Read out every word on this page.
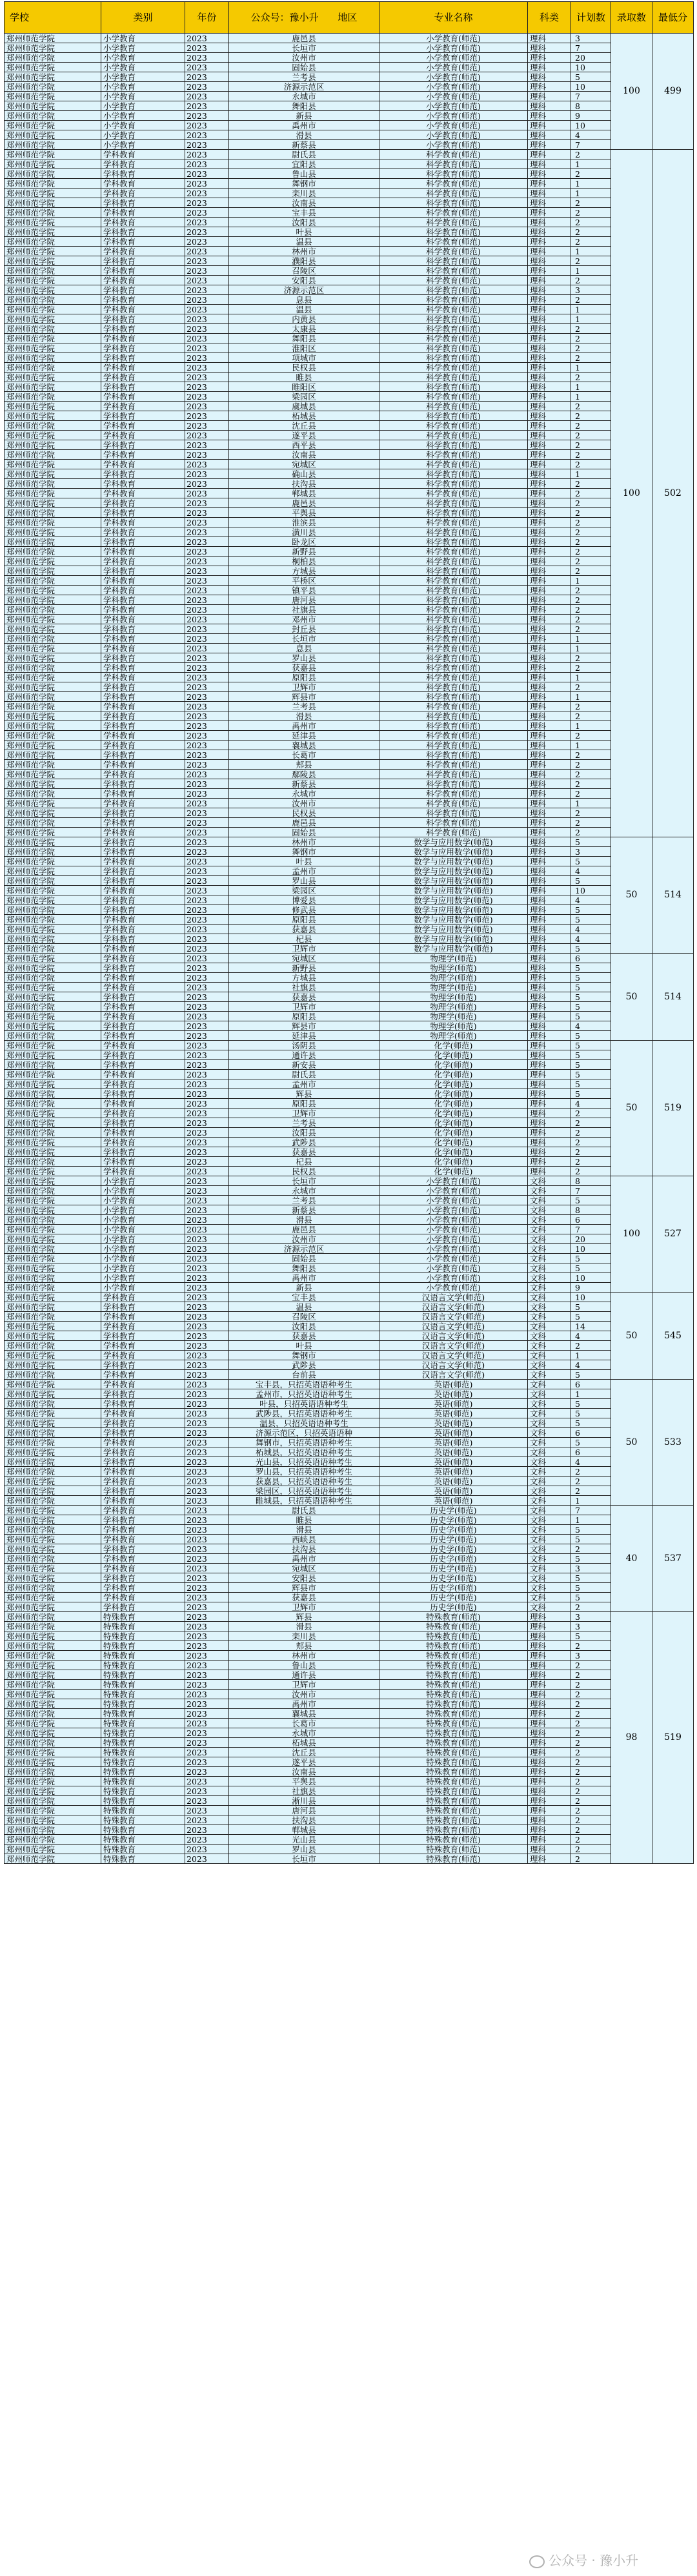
学校	类别	年份	公众号：豫小升　　地区	专业名称	科类	计划数	录取数	最低分
郑州师范学院	小学教育	2023	鹿邑县	小学教育(师范)	理科	3	100	499
郑州师范学院	小学教育	2023	长垣市	小学教育(师范)	理科	7		
郑州师范学院	小学教育	2023	汝州市	小学教育(师范)	理科	20		
郑州师范学院	小学教育	2023	固始县	小学教育(师范)	理科	10		
郑州师范学院	小学教育	2023	兰考县	小学教育(师范)	理科	5		
郑州师范学院	小学教育	2023	济源示范区	小学教育(师范)	理科	10		
郑州师范学院	小学教育	2023	永城市	小学教育(师范)	理科	7		
郑州师范学院	小学教育	2023	舞阳县	小学教育(师范)	理科	8		
郑州师范学院	小学教育	2023	新县	小学教育(师范)	理科	9		
郑州师范学院	小学教育	2023	禹州市	小学教育(师范)	理科	10		
郑州师范学院	小学教育	2023	滑县	小学教育(师范)	理科	4		
郑州师范学院	小学教育	2023	新蔡县	小学教育(师范)	理科	7		
郑州师范学院	学科教育	2023	尉氏县	科学教育(师范)	理科	2	100	502
郑州师范学院	学科教育	2023	宜阳县	科学教育(师范)	理科	1		
郑州师范学院	学科教育	2023	鲁山县	科学教育(师范)	理科	2		
郑州师范学院	学科教育	2023	舞钢市	科学教育(师范)	理科	1		
郑州师范学院	学科教育	2023	栾川县	科学教育(师范)	理科	1		
郑州师范学院	学科教育	2023	汝南县	科学教育(师范)	理科	2		
郑州师范学院	学科教育	2023	宝丰县	科学教育(师范)	理科	2		
郑州师范学院	学科教育	2023	汝阳县	科学教育(师范)	理科	2		
郑州师范学院	学科教育	2023	叶县	科学教育(师范)	理科	2		
郑州师范学院	学科教育	2023	温县	科学教育(师范)	理科	2		
郑州师范学院	学科教育	2023	林州市	科学教育(师范)	理科	1		
郑州师范学院	学科教育	2023	濮阳县	科学教育(师范)	理科	2		
郑州师范学院	学科教育	2023	召陵区	科学教育(师范)	理科	1		
郑州师范学院	学科教育	2023	安阳县	科学教育(师范)	理科	2		
郑州师范学院	学科教育	2023	济源示范区	科学教育(师范)	理科	3		
郑州师范学院	学科教育	2023	息县	科学教育(师范)	理科	2		
郑州师范学院	学科教育	2023	温县	科学教育(师范)	理科	1		
郑州师范学院	学科教育	2023	内黄县	科学教育(师范)	理科	1		
郑州师范学院	学科教育	2023	太康县	科学教育(师范)	理科	2		
郑州师范学院	学科教育	2023	舞阳县	科学教育(师范)	理科	2		
郑州师范学院	学科教育	2023	淮阳区	科学教育(师范)	理科	2		
郑州师范学院	学科教育	2023	项城市	科学教育(师范)	理科	2		
郑州师范学院	学科教育	2023	民权县	科学教育(师范)	理科	1		
郑州师范学院	学科教育	2023	睢县	科学教育(师范)	理科	2		
郑州师范学院	学科教育	2023	睢阳区	科学教育(师范)	理科	1		
郑州师范学院	学科教育	2023	梁园区	科学教育(师范)	理科	1		
郑州师范学院	学科教育	2023	虞城县	科学教育(师范)	理科	2		
郑州师范学院	学科教育	2023	柘城县	科学教育(师范)	理科	2		
郑州师范学院	学科教育	2023	沈丘县	科学教育(师范)	理科	2		
郑州师范学院	学科教育	2023	遂平县	科学教育(师范)	理科	2		
郑州师范学院	学科教育	2023	西平县	科学教育(师范)	理科	2		
郑州师范学院	学科教育	2023	汝南县	科学教育(师范)	理科	2		
郑州师范学院	学科教育	2023	宛城区	科学教育(师范)	理科	2		
郑州师范学院	学科教育	2023	确山县	科学教育(师范)	理科	1		
郑州师范学院	学科教育	2023	扶沟县	科学教育(师范)	理科	2		
郑州师范学院	学科教育	2023	郸城县	科学教育(师范)	理科	2		
郑州师范学院	学科教育	2023	鹿邑县	科学教育(师范)	理科	2		
郑州师范学院	学科教育	2023	平舆县	科学教育(师范)	理科	2		
郑州师范学院	学科教育	2023	淮滨县	科学教育(师范)	理科	2		
郑州师范学院	学科教育	2023	潢川县	科学教育(师范)	理科	2		
郑州师范学院	学科教育	2023	卧龙区	科学教育(师范)	理科	2		
郑州师范学院	学科教育	2023	新野县	科学教育(师范)	理科	2		
郑州师范学院	学科教育	2023	桐柏县	科学教育(师范)	理科	2		
郑州师范学院	学科教育	2023	方城县	科学教育(师范)	理科	2		
郑州师范学院	学科教育	2023	平桥区	科学教育(师范)	理科	1		
郑州师范学院	学科教育	2023	镇平县	科学教育(师范)	理科	2		
郑州师范学院	学科教育	2023	唐河县	科学教育(师范)	理科	2		
郑州师范学院	学科教育	2023	社旗县	科学教育(师范)	理科	2		
郑州师范学院	学科教育	2023	邓州市	科学教育(师范)	理科	2		
郑州师范学院	学科教育	2023	封丘县	科学教育(师范)	理科	2		
郑州师范学院	学科教育	2023	长垣市	科学教育(师范)	理科	1		
郑州师范学院	学科教育	2023	息县	科学教育(师范)	理科	1		
郑州师范学院	学科教育	2023	罗山县	科学教育(师范)	理科	2		
郑州师范学院	学科教育	2023	获嘉县	科学教育(师范)	理科	2		
郑州师范学院	学科教育	2023	原阳县	科学教育(师范)	理科	1		
郑州师范学院	学科教育	2023	卫辉市	科学教育(师范)	理科	2		
郑州师范学院	学科教育	2023	辉县市	科学教育(师范)	理科	1		
郑州师范学院	学科教育	2023	兰考县	科学教育(师范)	理科	2		
郑州师范学院	学科教育	2023	滑县	科学教育(师范)	理科	2		
郑州师范学院	学科教育	2023	禹州市	科学教育(师范)	理科	1		
郑州师范学院	学科教育	2023	延津县	科学教育(师范)	理科	2		
郑州师范学院	学科教育	2023	襄城县	科学教育(师范)	理科	1		
郑州师范学院	学科教育	2023	长葛市	科学教育(师范)	理科	2		
郑州师范学院	学科教育	2023	郏县	科学教育(师范)	理科	2		
郑州师范学院	学科教育	2023	鄢陵县	科学教育(师范)	理科	2		
郑州师范学院	学科教育	2023	新蔡县	科学教育(师范)	理科	2		
郑州师范学院	学科教育	2023	永城市	科学教育(师范)	理科	2		
郑州师范学院	学科教育	2023	汝州市	科学教育(师范)	理科	1		
郑州师范学院	学科教育	2023	民权县	科学教育(师范)	理科	2		
郑州师范学院	学科教育	2023	鹿邑县	科学教育(师范)	理科	2		
郑州师范学院	学科教育	2023	固始县	科学教育(师范)	理科	2		
郑州师范学院	学科教育	2023	林州市	数学与应用数学(师范)	理科	5	50	514
郑州师范学院	学科教育	2023	舞钢市	数学与应用数学(师范)	理科	3		
郑州师范学院	学科教育	2023	叶县	数学与应用数学(师范)	理科	5		
郑州师范学院	学科教育	2023	孟州市	数学与应用数学(师范)	理科	4		
郑州师范学院	学科教育	2023	罗山县	数学与应用数学(师范)	理科	5		
郑州师范学院	学科教育	2023	梁园区	数学与应用数学(师范)	理科	10		
郑州师范学院	学科教育	2023	博爱县	数学与应用数学(师范)	理科	4		
郑州师范学院	学科教育	2023	修武县	数学与应用数学(师范)	理科	5		
郑州师范学院	学科教育	2023	原阳县	数学与应用数学(师范)	理科	5		
郑州师范学院	学科教育	2023	获嘉县	数学与应用数学(师范)	理科	4		
郑州师范学院	学科教育	2023	杞县	数学与应用数学(师范)	理科	4		
郑州师范学院	学科教育	2023	卫辉市	数学与应用数学(师范)	理科	5		
郑州师范学院	学科教育	2023	宛城区	物理学(师范)	理科	6	50	514
郑州师范学院	学科教育	2023	新野县	物理学(师范)	理科	5		
郑州师范学院	学科教育	2023	方城县	物理学(师范)	理科	5		
郑州师范学院	学科教育	2023	社旗县	物理学(师范)	理科	5		
郑州师范学院	学科教育	2023	获嘉县	物理学(师范)	理科	5		
郑州师范学院	学科教育	2023	卫辉市	物理学(师范)	理科	5		
郑州师范学院	学科教育	2023	原阳县	物理学(师范)	理科	5		
郑州师范学院	学科教育	2023	辉县市	物理学(师范)	理科	4		
郑州师范学院	学科教育	2023	延津县	物理学(师范)	理科	5		
郑州师范学院	学科教育	2023	汤阴县	化学(师范)	理科	5	50	519
郑州师范学院	学科教育	2023	通许县	化学(师范)	理科	5		
郑州师范学院	学科教育	2023	新安县	化学(师范)	理科	5		
郑州师范学院	学科教育	2023	尉氏县	化学(师范)	理科	5		
郑州师范学院	学科教育	2023	孟州市	化学(师范)	理科	5		
郑州师范学院	学科教育	2023	辉县	化学(师范)	理科	5		
郑州师范学院	学科教育	2023	原阳县	化学(师范)	理科	4		
郑州师范学院	学科教育	2023	卫辉市	化学(师范)	理科	2		
郑州师范学院	学科教育	2023	兰考县	化学(师范)	理科	2		
郑州师范学院	学科教育	2023	汝阳县	化学(师范)	理科	2		
郑州师范学院	学科教育	2023	武陟县	化学(师范)	理科	2		
郑州师范学院	学科教育	2023	获嘉县	化学(师范)	理科	2		
郑州师范学院	学科教育	2023	杞县	化学(师范)	理科	2		
郑州师范学院	学科教育	2023	民权县	化学(师范)	理科	2		
郑州师范学院	小学教育	2023	长垣市	小学教育(师范)	文科	8	100	527
郑州师范学院	小学教育	2023	永城市	小学教育(师范)	文科	7		
郑州师范学院	小学教育	2023	兰考县	小学教育(师范)	文科	5		
郑州师范学院	小学教育	2023	新蔡县	小学教育(师范)	文科	8		
郑州师范学院	小学教育	2023	滑县	小学教育(师范)	文科	6		
郑州师范学院	小学教育	2023	鹿邑县	小学教育(师范)	文科	7		
郑州师范学院	小学教育	2023	汝州市	小学教育(师范)	文科	20		
郑州师范学院	小学教育	2023	济源示范区	小学教育(师范)	文科	10		
郑州师范学院	小学教育	2023	固始县	小学教育(师范)	文科	5		
郑州师范学院	小学教育	2023	舞阳县	小学教育(师范)	文科	5		
郑州师范学院	小学教育	2023	禹州市	小学教育(师范)	文科	10		
郑州师范学院	小学教育	2023	新县	小学教育(师范)	文科	9		
郑州师范学院	学科教育	2023	宝丰县	汉语言文学(师范)	文科	10	50	545
郑州师范学院	学科教育	2023	温县	汉语言文学(师范)	文科	5		
郑州师范学院	学科教育	2023	召陵区	汉语言文学(师范)	文科	5		
郑州师范学院	学科教育	2023	汝阳县	汉语言文学(师范)	文科	14		
郑州师范学院	学科教育	2023	获嘉县	汉语言文学(师范)	文科	4		
郑州师范学院	学科教育	2023	叶县	汉语言文学(师范)	文科	2		
郑州师范学院	学科教育	2023	舞钢市	汉语言文学(师范)	文科	1		
郑州师范学院	学科教育	2023	武陟县	汉语言文学(师范)	文科	4		
郑州师范学院	学科教育	2023	台前县	汉语言文学(师范)	文科	5		
郑州师范学院	学科教育	2023	宝丰县，只招英语语种考生	英语(师范)	文科	6	50	533
郑州师范学院	学科教育	2023	孟州市，只招英语语种考生	英语(师范)	文科	1		
郑州师范学院	学科教育	2023	叶县，只招英语语种考生	英语(师范)	文科	5		
郑州师范学院	学科教育	2023	武陟县，只招英语语种考生	英语(师范)	文科	5		
郑州师范学院	学科教育	2023	温县，只招英语语种考生	英语(师范)	文科	5		
郑州师范学院	学科教育	2023	济源示范区，只招英语语种	英语(师范)	文科	6		
郑州师范学院	学科教育	2023	舞钢市，只招英语语种考生	英语(师范)	文科	5		
郑州师范学院	学科教育	2023	柘城县，只招英语语种考生	英语(师范)	文科	6		
郑州师范学院	学科教育	2023	光山县，只招英语语种考生	英语(师范)	文科	4		
郑州师范学院	学科教育	2023	罗山县，只招英语语种考生	英语(师范)	文科	2		
郑州师范学院	学科教育	2023	获嘉县，只招英语语种考生	英语(师范)	文科	2		
郑州师范学院	学科教育	2023	梁园区，只招英语语种考生	英语(师范)	文科	2		
郑州师范学院	学科教育	2023	睢城县，只招英语语种考生	英语(师范)	文科	1		
郑州师范学院	学科教育	2023	尉氏县	历史学(师范)	文科	7	40	537
郑州师范学院	学科教育	2023	睢县	历史学(师范)	文科	1		
郑州师范学院	学科教育	2023	滑县	历史学(师范)	文科	5		
郑州师范学院	学科教育	2023	西峡县	历史学(师范)	文科	5		
郑州师范学院	学科教育	2023	扶沟县	历史学(师范)	文科	2		
郑州师范学院	学科教育	2023	禹州市	历史学(师范)	文科	5		
郑州师范学院	学科教育	2023	宛城区	历史学(师范)	文科	3		
郑州师范学院	学科教育	2023	安阳县	历史学(师范)	文科	5		
郑州师范学院	学科教育	2023	辉县市	历史学(师范)	文科	5		
郑州师范学院	学科教育	2023	获嘉县	历史学(师范)	文科	5		
郑州师范学院	学科教育	2023	卫辉市	历史学(师范)	文科	2		
郑州师范学院	特殊教育	2023	辉县	特殊教育(师范)	理科	3	98	519
郑州师范学院	特殊教育	2023	滑县	特殊教育(师范)	理科	3		
郑州师范学院	特殊教育	2023	栾川县	特殊教育(师范)	理科	5		
郑州师范学院	特殊教育	2023	郏县	特殊教育(师范)	理科	2		
郑州师范学院	特殊教育	2023	林州市	特殊教育(师范)	理科	3		
郑州师范学院	特殊教育	2023	鲁山县	特殊教育(师范)	理科	2		
郑州师范学院	特殊教育	2023	通许县	特殊教育(师范)	理科	2		
郑州师范学院	特殊教育	2023	卫辉市	特殊教育(师范)	理科	2		
郑州师范学院	特殊教育	2023	汝州市	特殊教育(师范)	理科	2		
郑州师范学院	特殊教育	2023	禹州市	特殊教育(师范)	理科	2		
郑州师范学院	特殊教育	2023	襄城县	特殊教育(师范)	理科	2		
郑州师范学院	特殊教育	2023	长葛市	特殊教育(师范)	理科	2		
郑州师范学院	特殊教育	2023	永城市	特殊教育(师范)	理科	2		
郑州师范学院	特殊教育	2023	柘城县	特殊教育(师范)	理科	2		
郑州师范学院	特殊教育	2023	沈丘县	特殊教育(师范)	理科	2		
郑州师范学院	特殊教育	2023	遂平县	特殊教育(师范)	理科	2		
郑州师范学院	特殊教育	2023	汝南县	特殊教育(师范)	理科	2		
郑州师范学院	特殊教育	2023	平舆县	特殊教育(师范)	理科	2		
郑州师范学院	特殊教育	2023	社旗县	特殊教育(师范)	理科	2		
郑州师范学院	特殊教育	2023	淅川县	特殊教育(师范)	理科	2		
郑州师范学院	特殊教育	2023	唐河县	特殊教育(师范)	理科	2		
郑州师范学院	特殊教育	2023	扶沟县	特殊教育(师范)	理科	2		
郑州师范学院	特殊教育	2023	郸城县	特殊教育(师范)	理科	2		
郑州师范学院	特殊教育	2023	光山县	特殊教育(师范)	理科	2		
郑州师范学院	特殊教育	2023	罗山县	特殊教育(师范)	理科	2		
郑州师范学院	特殊教育	2023	长垣市	特殊教育(师范)	理科	2		
公众号 · 豫小升
